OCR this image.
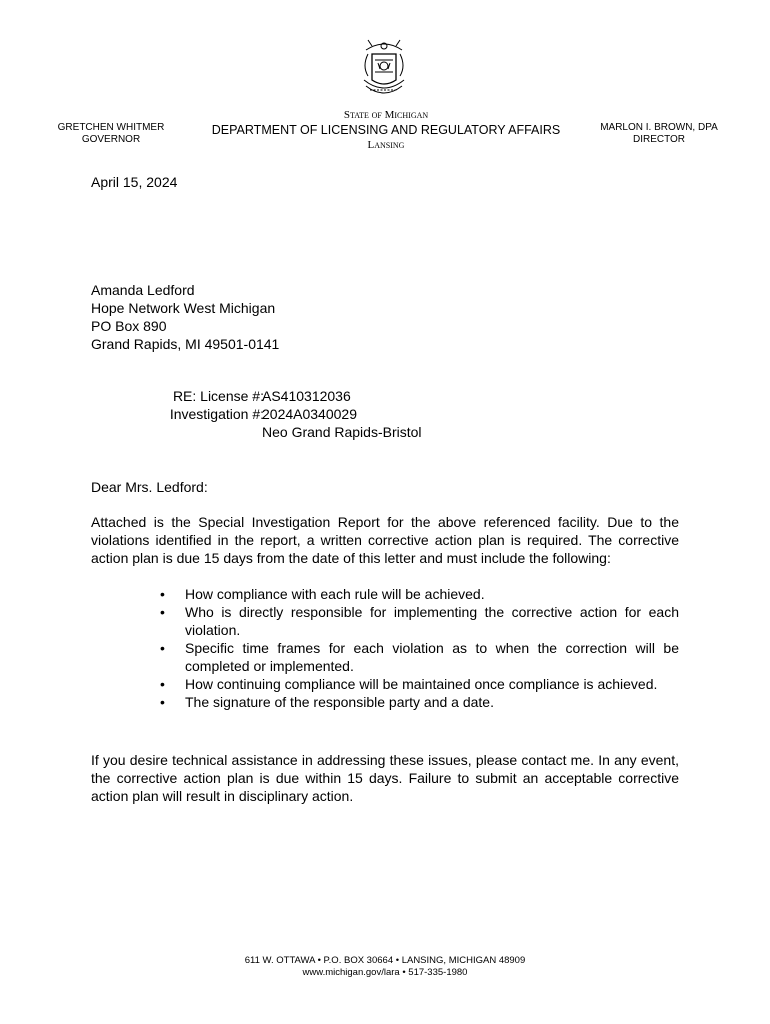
GRETCHEN WHITMER
GOVERNOR
State of Michigan
DEPARTMENT OF LICENSING AND REGULATORY AFFAIRS
Lansing
MARLON I. BROWN, DPA
DIRECTOR
April 15, 2024
Amanda Ledford
Hope Network West Michigan
PO Box 890
Grand Rapids, MI 49501-0141
RE: License #:
AS410312036
Investigation #:
2024A0340029
Neo Grand Rapids-Bristol
Dear Mrs. Ledford:
Attached is the Special Investigation Report for the above referenced facility. Due to the violations identified in the report, a written corrective action plan is required. The corrective action plan is due 15 days from the date of this letter and must include the following:
• How compliance with each rule will be achieved.
• Who is directly responsible for implementing the corrective action for each violation.
• Specific time frames for each violation as to when the correction will be completed or implemented.
• How continuing compliance will be maintained once compliance is achieved.
• The signature of the responsible party and a date.
If you desire technical assistance in addressing these issues, please contact me. In any event, the corrective action plan is due within 15 days. Failure to submit an acceptable corrective action plan will result in disciplinary action.
611 W. OTTAWA • P.O. BOX 30664 • LANSING, MICHIGAN 48909
www.michigan.gov/lara • 517-335-1980
